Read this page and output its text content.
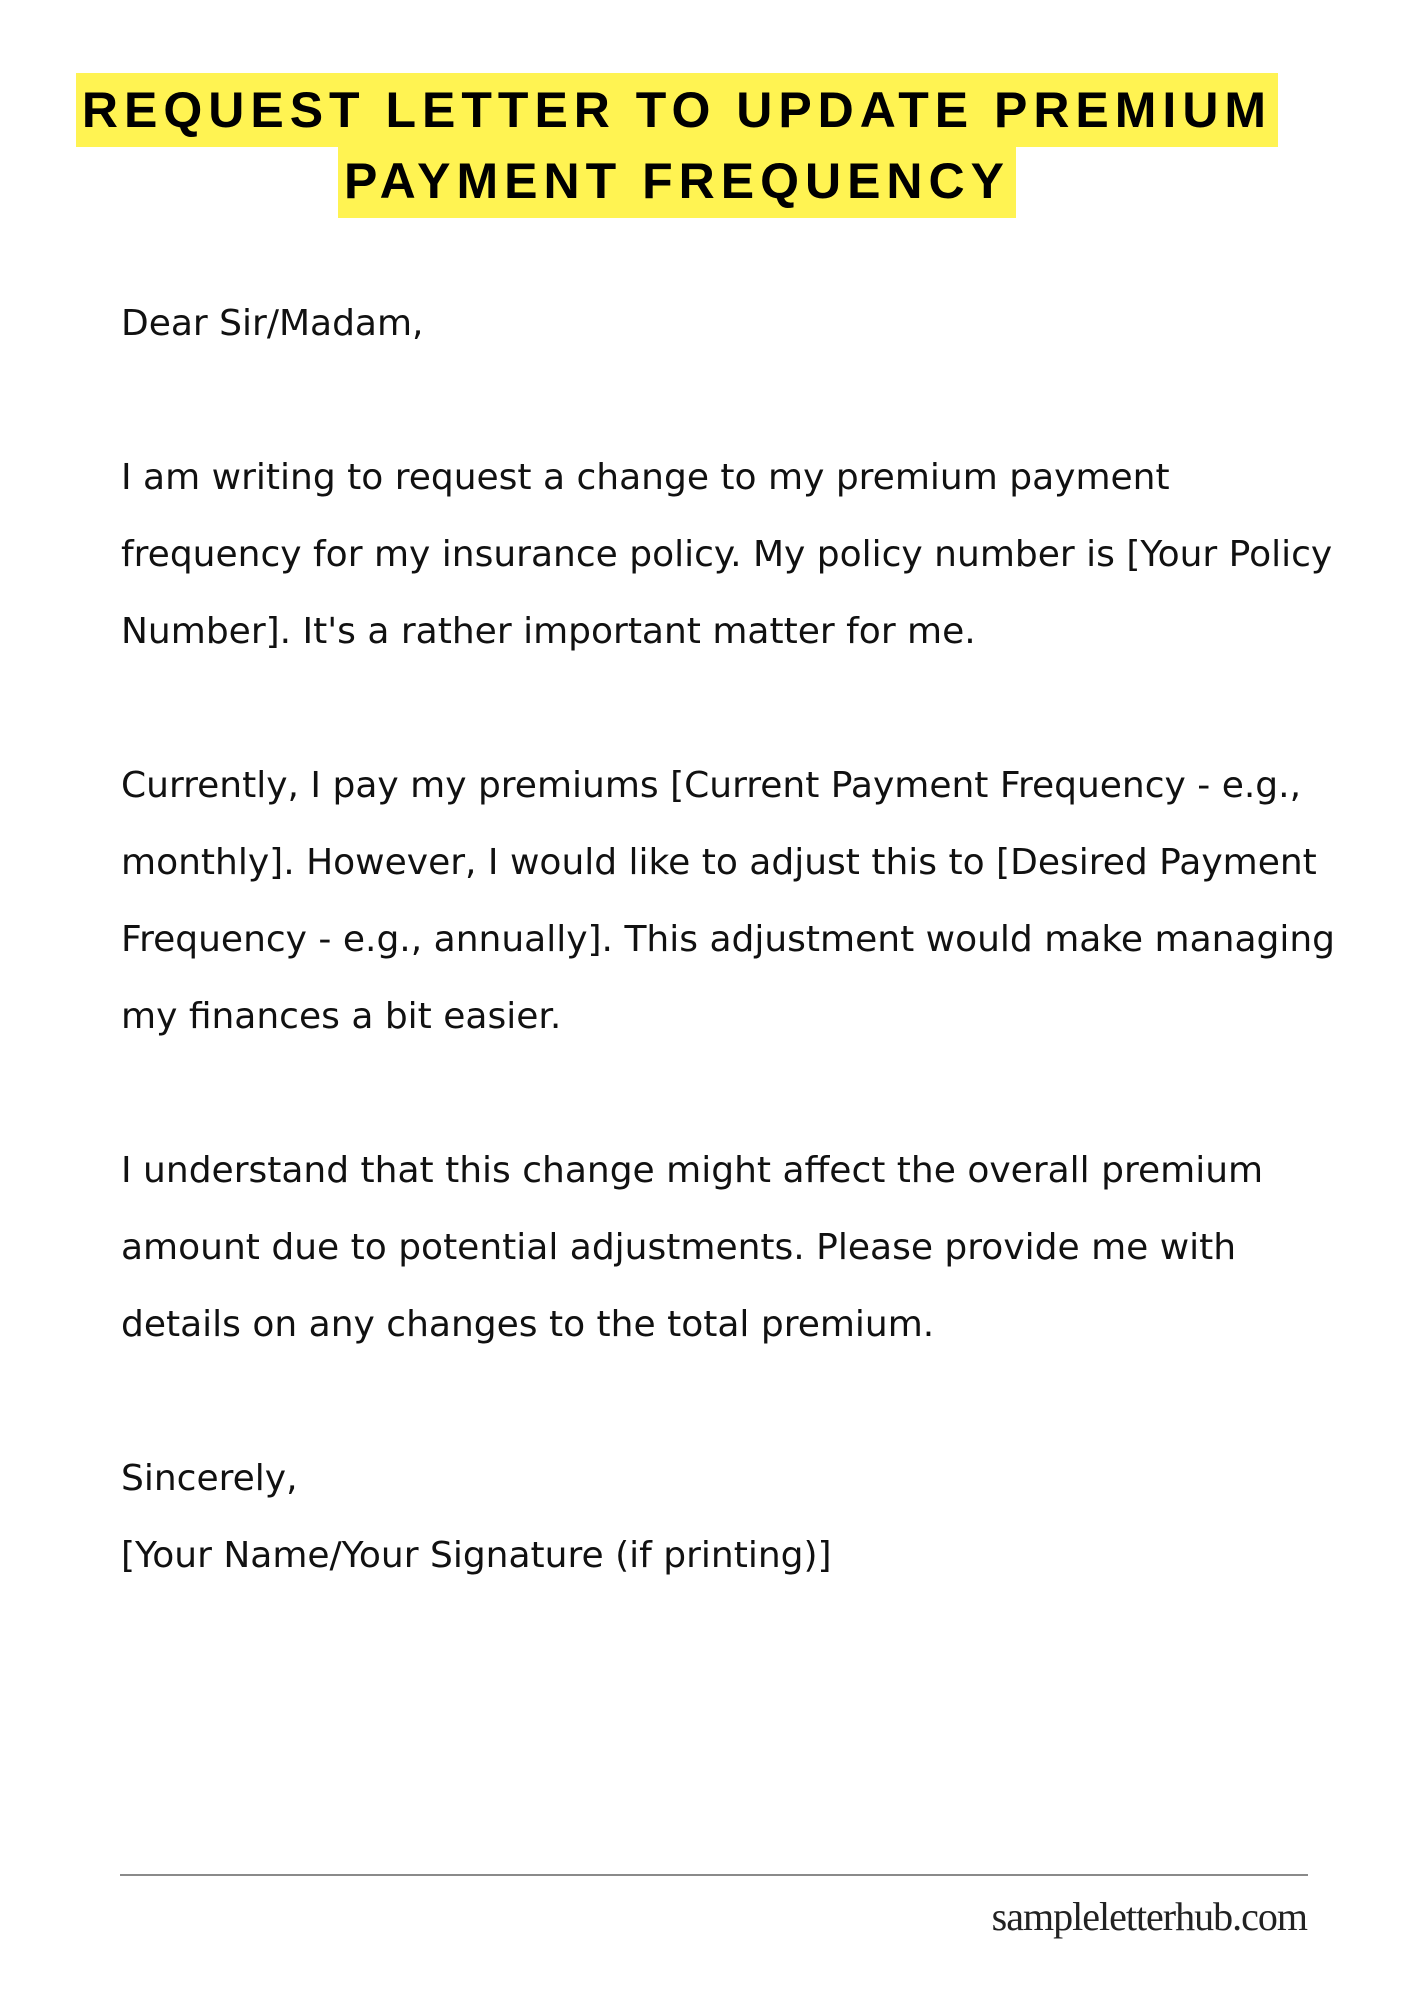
REQUEST LETTER TO UPDATE PREMIUM
PAYMENT FREQUENCY

Dear Sir/Madam,

I am writing to request a change to my premium payment frequency for my insurance policy. My policy number is [Your Policy Number]. It's a rather important matter for me.

Currently, I pay my premiums [Current Payment Frequency - e.g., monthly]. However, I would like to adjust this to [Desired Payment Frequency - e.g., annually]. This adjustment would make managing my finances a bit easier.

I understand that this change might affect the overall premium amount due to potential adjustments. Please provide me with details on any changes to the total premium.

Sincerely,

[Your Name/Your Signature (if printing)]

sampleletterhub.com
